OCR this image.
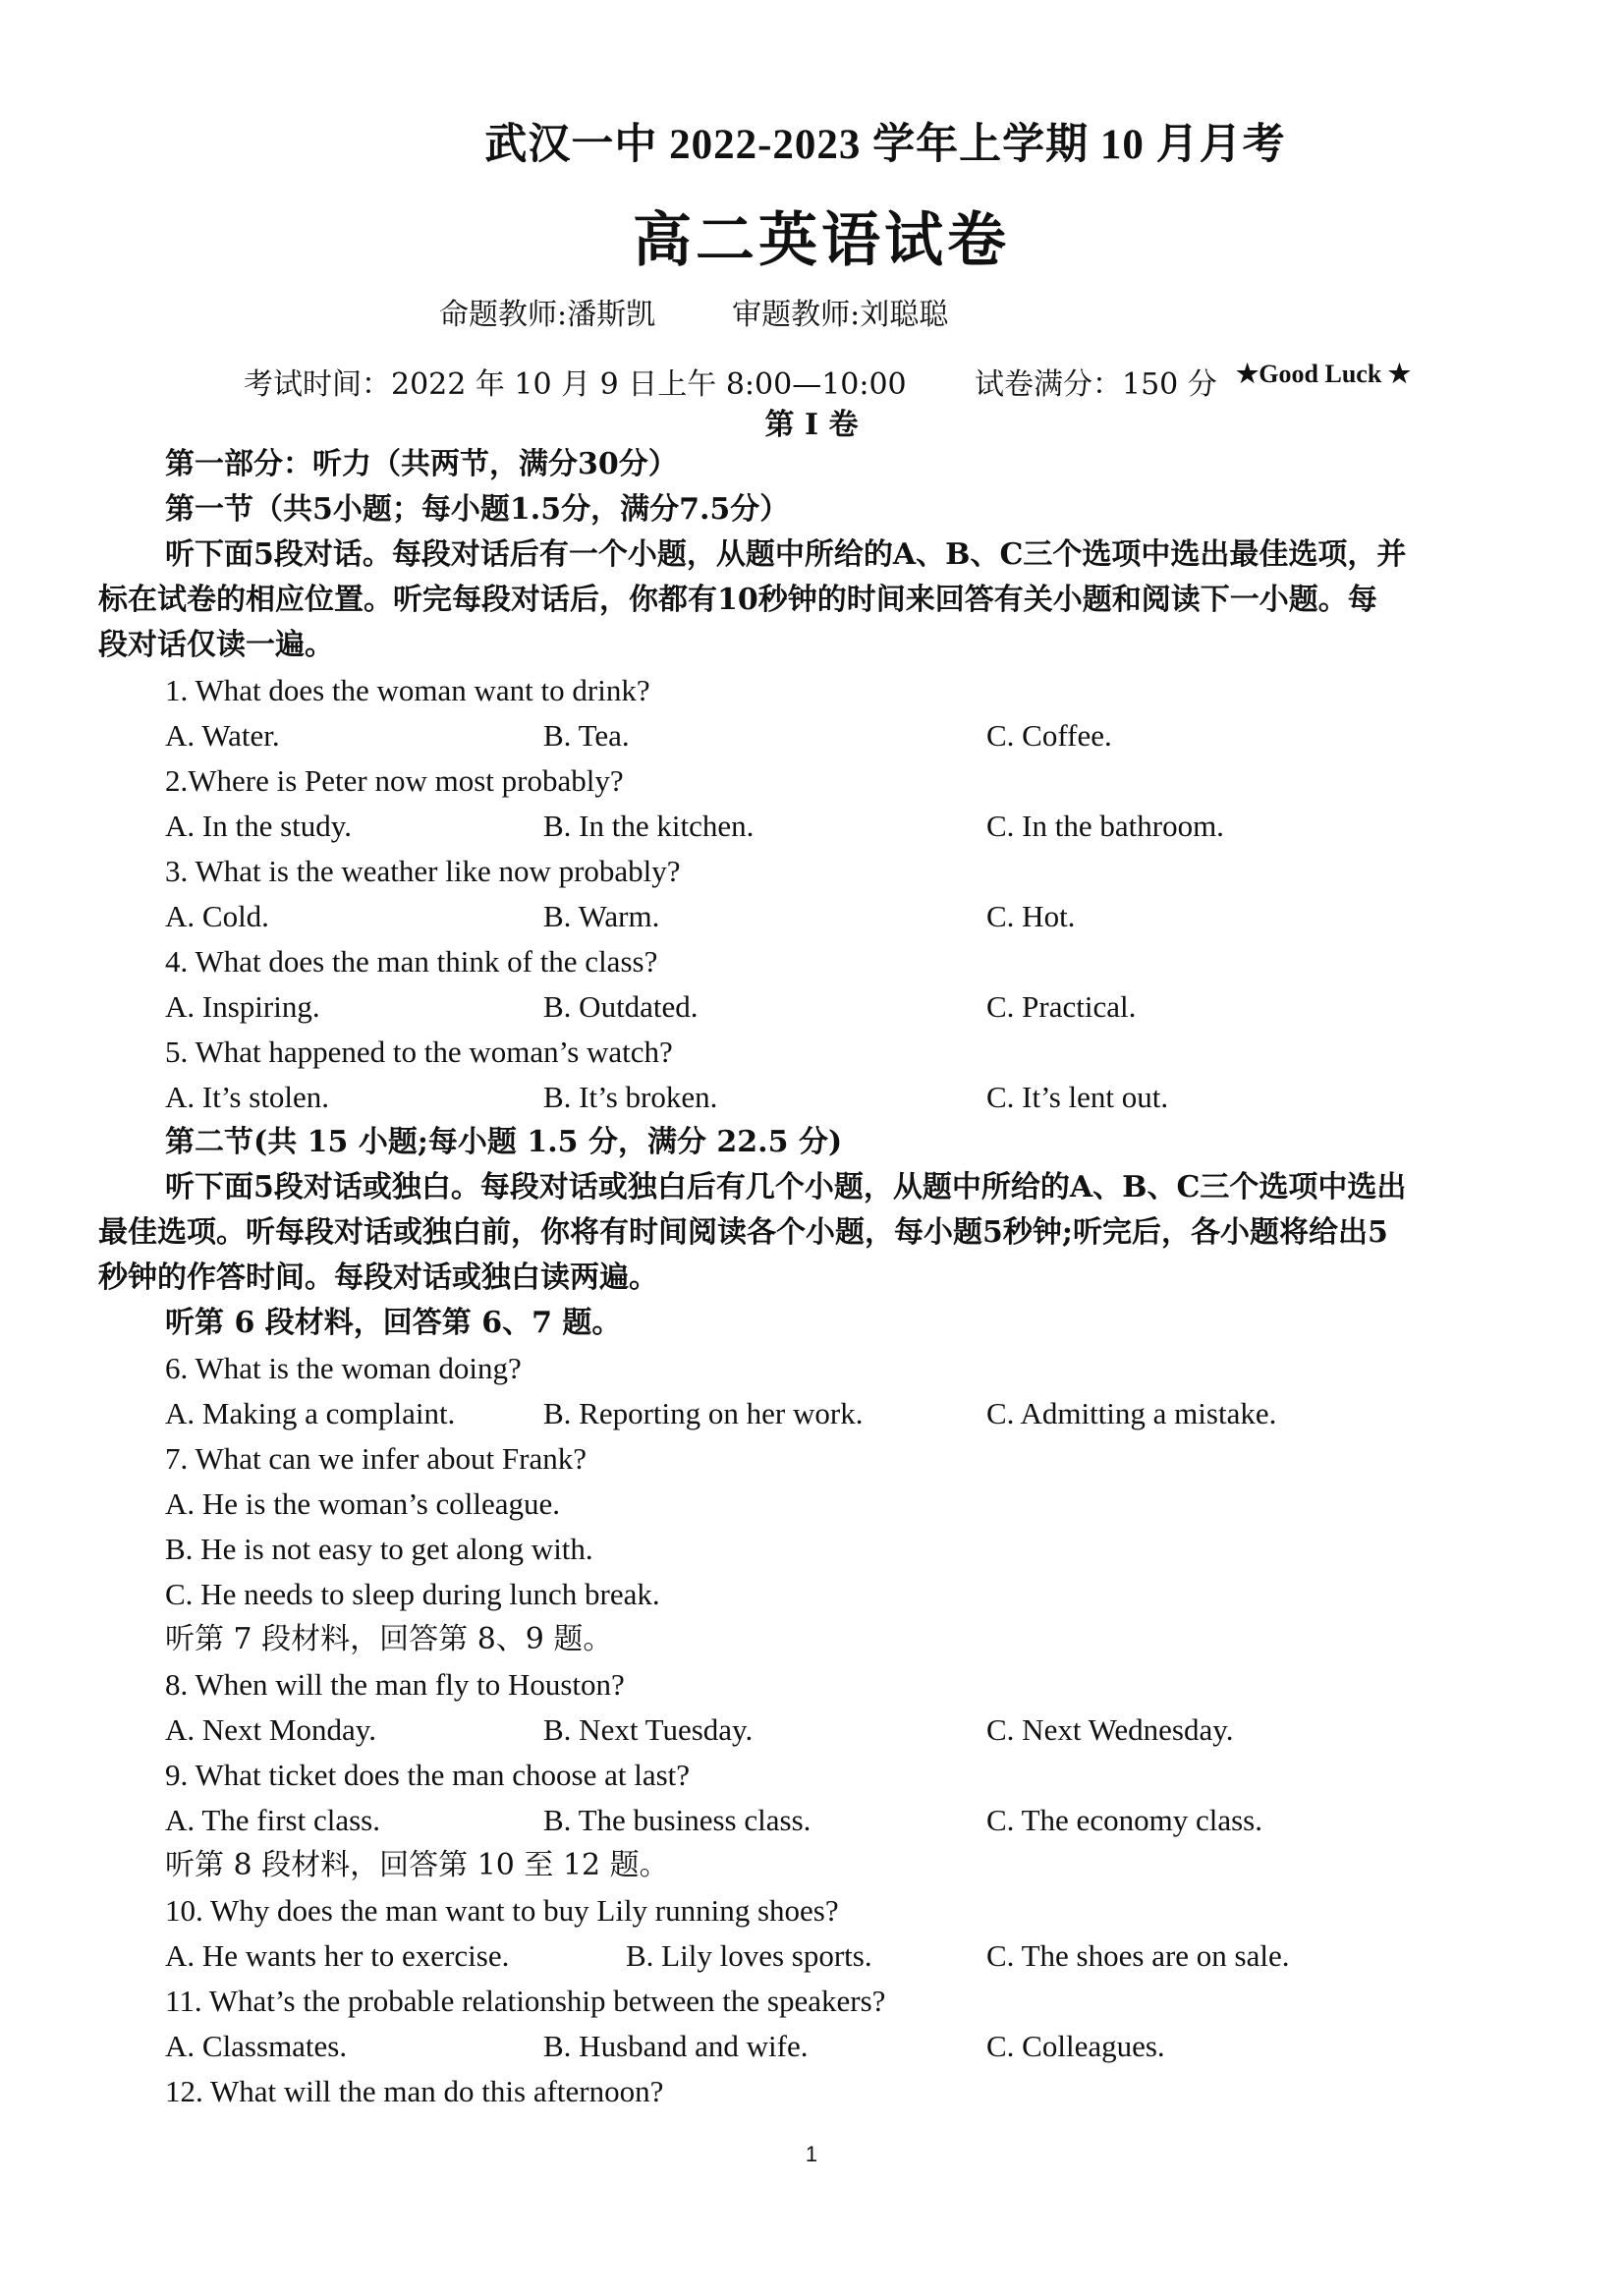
武汉一中 2022-2023 学年上学期 10 月月考
高二英语试卷
命题教师:潘斯凯	审题教师:刘聪聪
考试时间：2022 年 10 月 9 日上午 8:00—10:00 试卷满分：150 分 ★Good Luck ★
第 I 卷
第一部分：听力（共两节，满分30分）
第一节（共5小题；每小题1.5分，满分7.5分）
听下面5段对话。每段对话后有一个小题，从题中所给的A、B、C三个选项中选出最佳选项，并
标在试卷的相应位置。听完每段对话后，你都有10秒钟的时间来回答有关小题和阅读下一小题。每
段对话仅读一遍。
1. What does the woman want to drink?
A. Water.	B. Tea.	C. Coffee.
2.Where is Peter now most probably?
A. In the study.	B. In the kitchen.	C. In the bathroom.
3. What is the weather like now probably?
A. Cold.	B. Warm.	C. Hot.
4. What does the man think of the class?
A. Inspiring.	B. Outdated.	C. Practical.
5. What happened to the woman’s watch?
A. It’s stolen.	B. It’s broken.	C. It’s lent out.
第二节(共 15 小题;每小题 1.5 分，满分 22.5 分)
听下面5段对话或独白。每段对话或独白后有几个小题，从题中所给的A、B、C三个选项中选出
最佳选项。听每段对话或独白前，你将有时间阅读各个小题，每小题5秒钟;听完后，各小题将给出5
秒钟的作答时间。每段对话或独白读两遍。
听第 6 段材料，回答第 6、7 题。
6. What is the woman doing?
A. Making a complaint.	B. Reporting on her work.	C. Admitting a mistake.
7. What can we infer about Frank?
A. He is the woman’s colleague.
B. He is not easy to get along with.
C. He needs to sleep during lunch break.
听第 7 段材料，回答第 8、9 题。
8. When will the man fly to Houston?
A. Next Monday.	B. Next Tuesday.	C. Next Wednesday.
9. What ticket does the man choose at last?
A. The first class.	B. The business class.	C. The economy class.
听第 8 段材料，回答第 10 至 12 题。
10. Why does the man want to buy Lily running shoes?
A. He wants her to exercise.	B. Lily loves sports.	C. The shoes are on sale.
11. What’s the probable relationship between the speakers?
A. Classmates.	B. Husband and wife.	C. Colleagues.
12. What will the man do this afternoon?
1
